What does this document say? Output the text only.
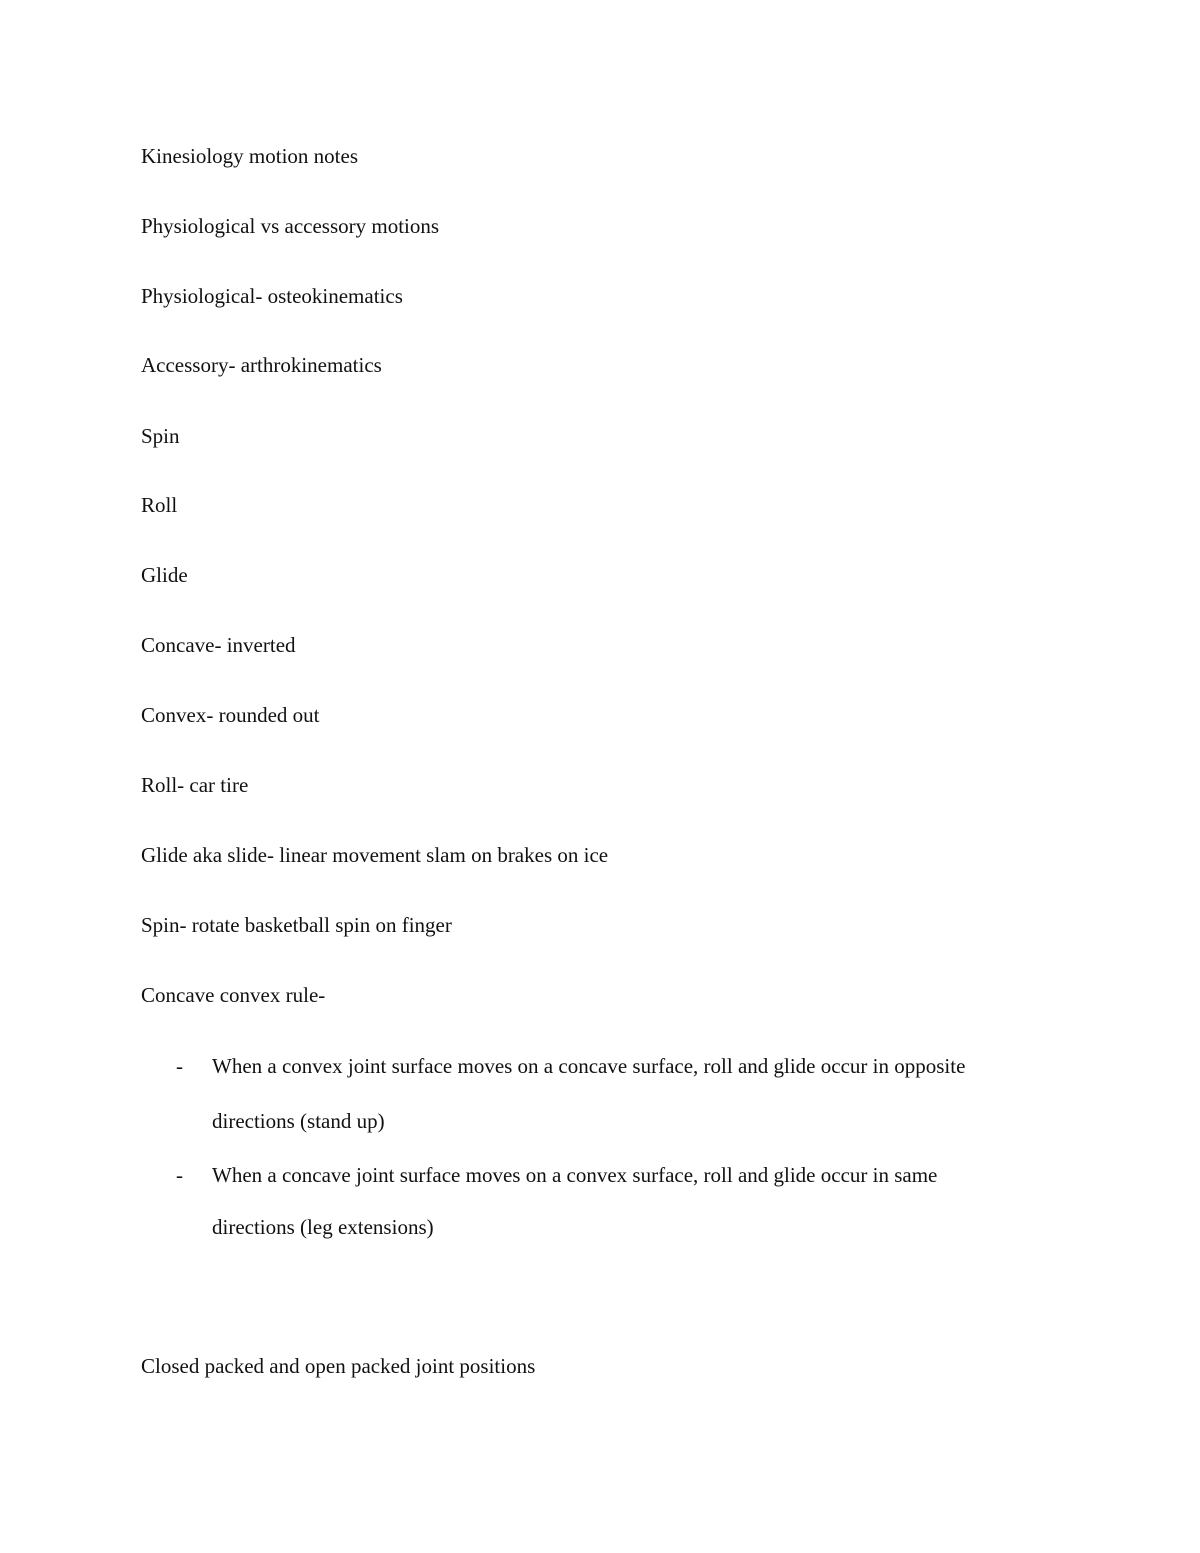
Kinesiology motion notes
Physiological vs accessory motions
Physiological- osteokinematics
Accessory- arthrokinematics
Spin
Roll
Glide
Concave- inverted
Convex- rounded out
Roll- car tire
Glide aka slide- linear movement slam on brakes on ice
Spin- rotate basketball spin on finger
Concave convex rule-
- When a convex joint surface moves on a concave surface, roll and glide occur in opposite
directions (stand up)
- When a concave joint surface moves on a convex surface, roll and glide occur in same
directions (leg extensions)
Closed packed and open packed joint positions
